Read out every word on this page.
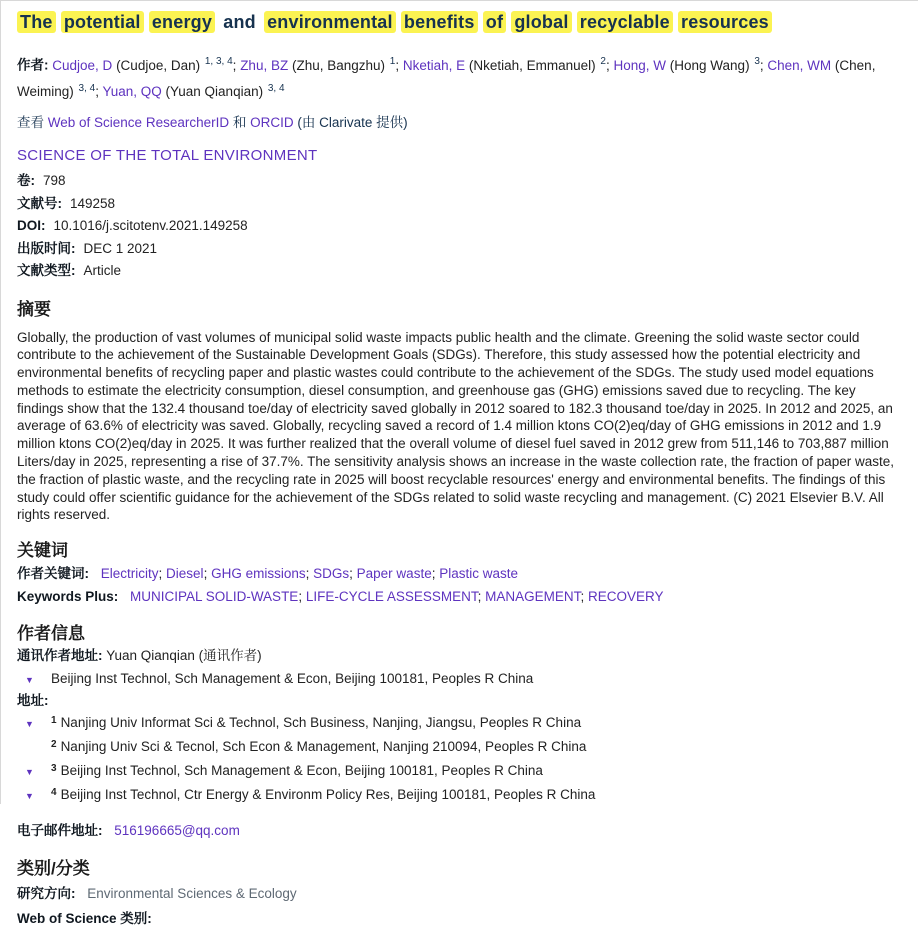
The potential energy and environmental benefits of global recyclable resources
作者: Cudjoe, D (Cudjoe, Dan) $^{1, 3, 4}$; Zhu, BZ (Zhu, Bangzhu) $^1$; Nketiah, E (Nketiah, Emmanuel) $^2$; Hong, W (Hong Wang) $^3$; Chen, WM (Chen, Weiming) $^{3, 4}$; Yuan, QQ (Yuan Qianqian) $^{3, 4}$
查看 Web of Science ResearcherID 和 ORCID (由 Clarivate 提供)
SCIENCE OF THE TOTAL ENVIRONMENT
卷: 798
文献号: 149258
DOI: 10.1016/j.scitotenv.2021.149258
出版时间: DEC 1 2021
文献类型: Article
摘要
Globally, the production of vast volumes of municipal solid waste impacts public health and the climate. Greening the solid waste sector could contribute to the achievement of the Sustainable Development Goals (SDGs). Therefore, this study assessed how the potential electricity and environmental benefits of recycling paper and plastic wastes could contribute to the achievement of the SDGs. The study used model equations methods to estimate the electricity consumption, diesel consumption, and greenhouse gas (GHG) emissions saved due to recycling. The key findings show that the 132.4 thousand toe/day of electricity saved globally in 2012 soared to 182.3 thousand toe/day in 2025. In 2012 and 2025, an average of 63.6% of electricity was saved. Globally, recycling saved a record of 1.4 million ktons CO(2)eq/day of GHG emissions in 2012 and 1.9 million ktons CO(2)eq/day in 2025. It was further realized that the overall volume of diesel fuel saved in 2012 grew from 511,146 to 703,887 million Liters/day in 2025, representing a rise of 37.7%. The sensitivity analysis shows an increase in the waste collection rate, the fraction of paper waste, the fraction of plastic waste, and the recycling rate in 2025 will boost recyclable resources' energy and environmental benefits. The findings of this study could offer scientific guidance for the achievement of the SDGs related to solid waste recycling and management. (C) 2021 Elsevier B.V. All rights reserved.
关键词
作者关键词: Electricity; Diesel; GHG emissions; SDGs; Paper waste; Plastic waste
Keywords Plus: MUNICIPAL SOLID-WASTE; LIFE-CYCLE ASSESSMENT; MANAGEMENT; RECOVERY
作者信息
通讯作者地址: Yuan Qianqian (通讯作者)
▼ Beijing Inst Technol, Sch Management & Econ, Beijing 100181, Peoples R China
地址:
▼	$^1$ Nanjing Univ Informat Sci & Technol, Sch Business, Nanjing, Jiangsu, Peoples R China
$^2$ Nanjing Univ Sci & Tecnol, Sch Econ & Management, Nanjing 210094, Peoples R China
▼	$^3$ Beijing Inst Technol, Sch Management & Econ, Beijing 100181, Peoples R China
▼	$^4$ Beijing Inst Technol, Ctr Energy & Environm Policy Res, Beijing 100181, Peoples R China
电子邮件地址: 516196665@qq.com
类别/分类
研究方向: Environmental Sciences & Ecology
Web of Science 类别:
